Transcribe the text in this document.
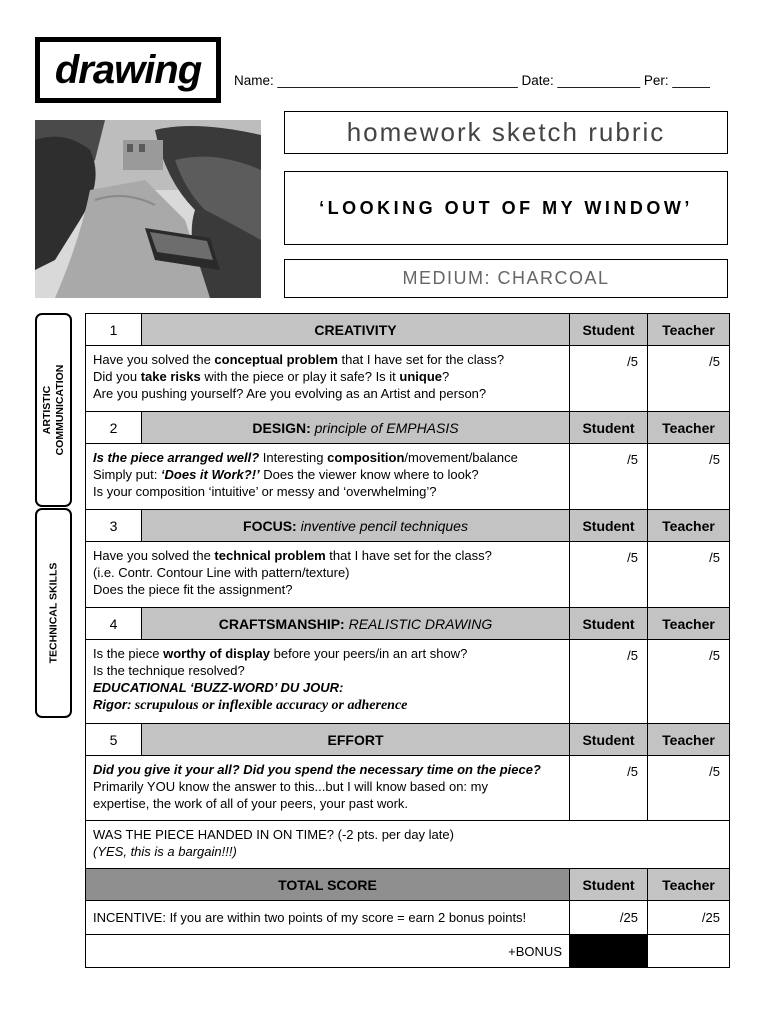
drawing	Name: ________________________________ Date: ___________ Per: _____
homework sketch rubric
‘LOOKING OUT OF MY WINDOW’
MEDIUM: CHARCOAL
ARTISTIC
COMMUNICATION
TECHNICAL SKILLS
1	CREATIVITY	Student	Teacher
Have you solved the conceptual problem that I have set for the class?
Did you take risks with the piece or play it safe? Is it unique?
Are you pushing yourself? Are you evolving as an Artist and person?		/5	/5
2	DESIGN: principle of EMPHASIS	Student	Teacher
Is the piece arranged well? Interesting composition/movement/balance
Simply put: ‘Does it Work?!’ Does the viewer know where to look?
Is your composition ‘intuitive’ or messy and ‘overwhelming’?		/5	/5
3	FOCUS: inventive pencil techniques	Student	Teacher
Have you solved the technical problem that I have set for the class?
(i.e. Contr. Contour Line with pattern/texture)
Does the piece fit the assignment?		/5	/5
4	CRAFTSMANSHIP: REALISTIC DRAWING	Student	Teacher
Is the piece worthy of display before your peers/in an art show?
Is the technique resolved?
EDUCATIONAL ‘BUZZ-WORD’ DU JOUR:
Rigor: scrupulous or inflexible accuracy or adherence		/5	/5
5	EFFORT	Student	Teacher
Did you give it your all? Did you spend the necessary time on the piece?
Primarily YOU know the answer to this...but I will know based on: my
expertise, the work of all of your peers, your past work.		/5	/5
WAS THE PIECE HANDED IN ON TIME? (-2 pts. per day late)
(YES, this is a bargain!!!)			
TOTAL SCORE		Student	Teacher
INCENTIVE: If you are within two points of my score = earn 2 bonus points!		/25	/25
+BONUS			
